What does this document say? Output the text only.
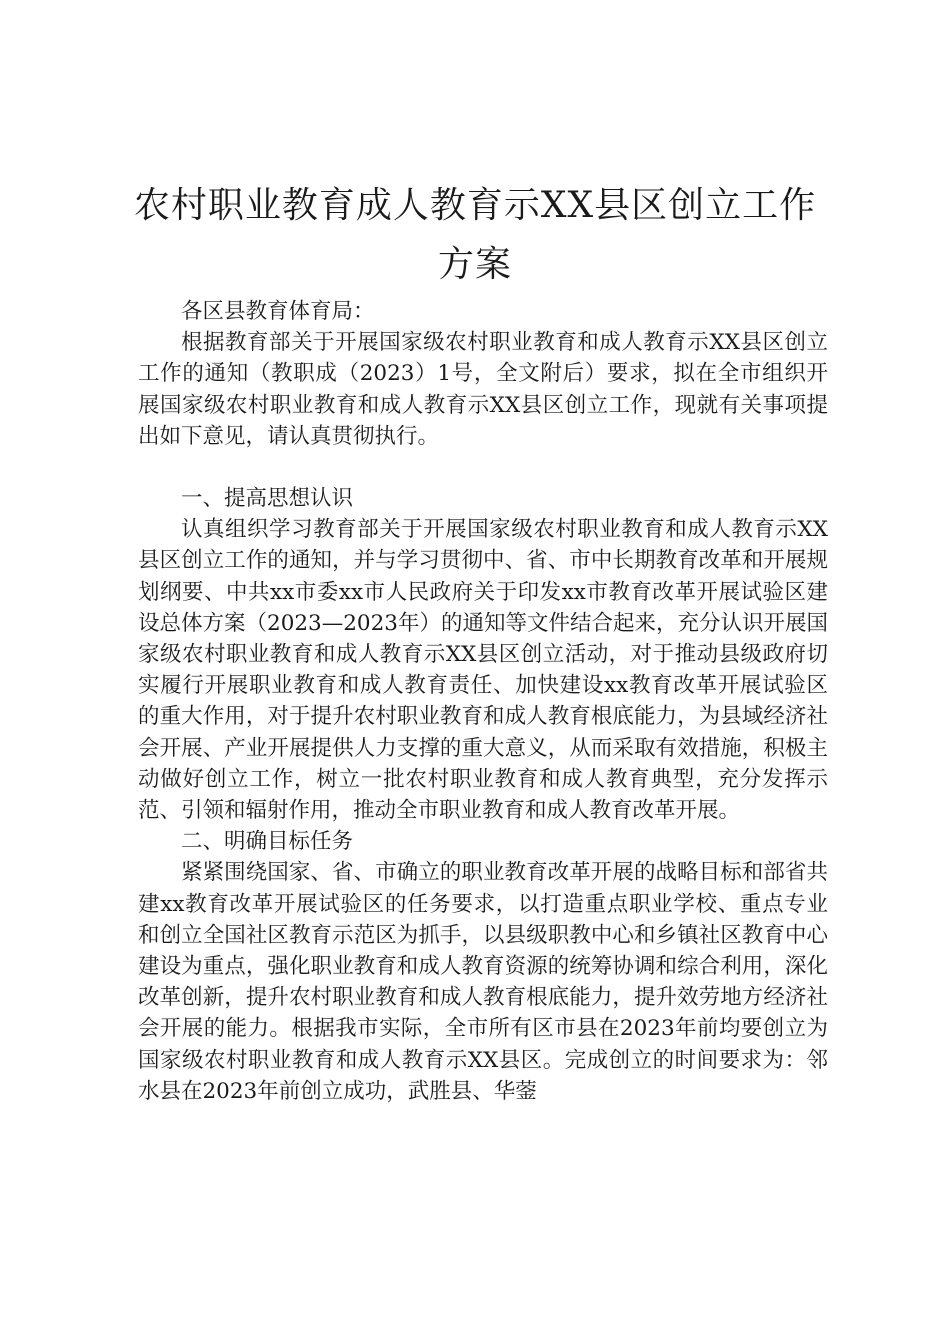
农村职业教育成人教育示XX县区创立工作
方案

各区县教育体育局：

根据教育部关于开展国家级农村职业教育和成人教育示XX县区创立工作的通知（教职成（2023）1号，全文附后）要求，拟在全市组织开展国家级农村职业教育和成人教育示XX县区创立工作，现就有关事项提出如下意见，请认真贯彻执行。

一、提高思想认识

认真组织学习教育部关于开展国家级农村职业教育和成人教育示XX县区创立工作的通知，并与学习贯彻中、省、市中长期教育改革和开展规划纲要、中共xx市委xx市人民政府关于印发xx市教育改革开展试验区建设总体方案（2023—2023年）的通知等文件结合起来，充分认识开展国家级农村职业教育和成人教育示XX县区创立活动，对于推动县级政府切实履行开展职业教育和成人教育责任、加快建设xx教育改革开展试验区的重大作用，对于提升农村职业教育和成人教育根底能力，为县域经济社会开展、产业开展提供人力支撑的重大意义，从而采取有效措施，积极主动做好创立工作，树立一批农村职业教育和成人教育典型，充分发挥示范、引领和辐射作用，推动全市职业教育和成人教育改革开展。

二、明确目标任务

紧紧围绕国家、省、市确立的职业教育改革开展的战略目标和部省共建xx教育改革开展试验区的任务要求，以打造重点职业学校、重点专业和创立全国社区教育示范区为抓手，以县级职教中心和乡镇社区教育中心建设为重点，强化职业教育和成人教育资源的统筹协调和综合利用，深化改革创新，提升农村职业教育和成人教育根底能力，提升效劳地方经济社会开展的能力。根据我市实际，全市所有区市县在2023年前均要创立为国家级农村职业教育和成人教育示XX县区。完成创立的时间要求为：邻水县在2023年前创立成功，武胜县、华蓥
